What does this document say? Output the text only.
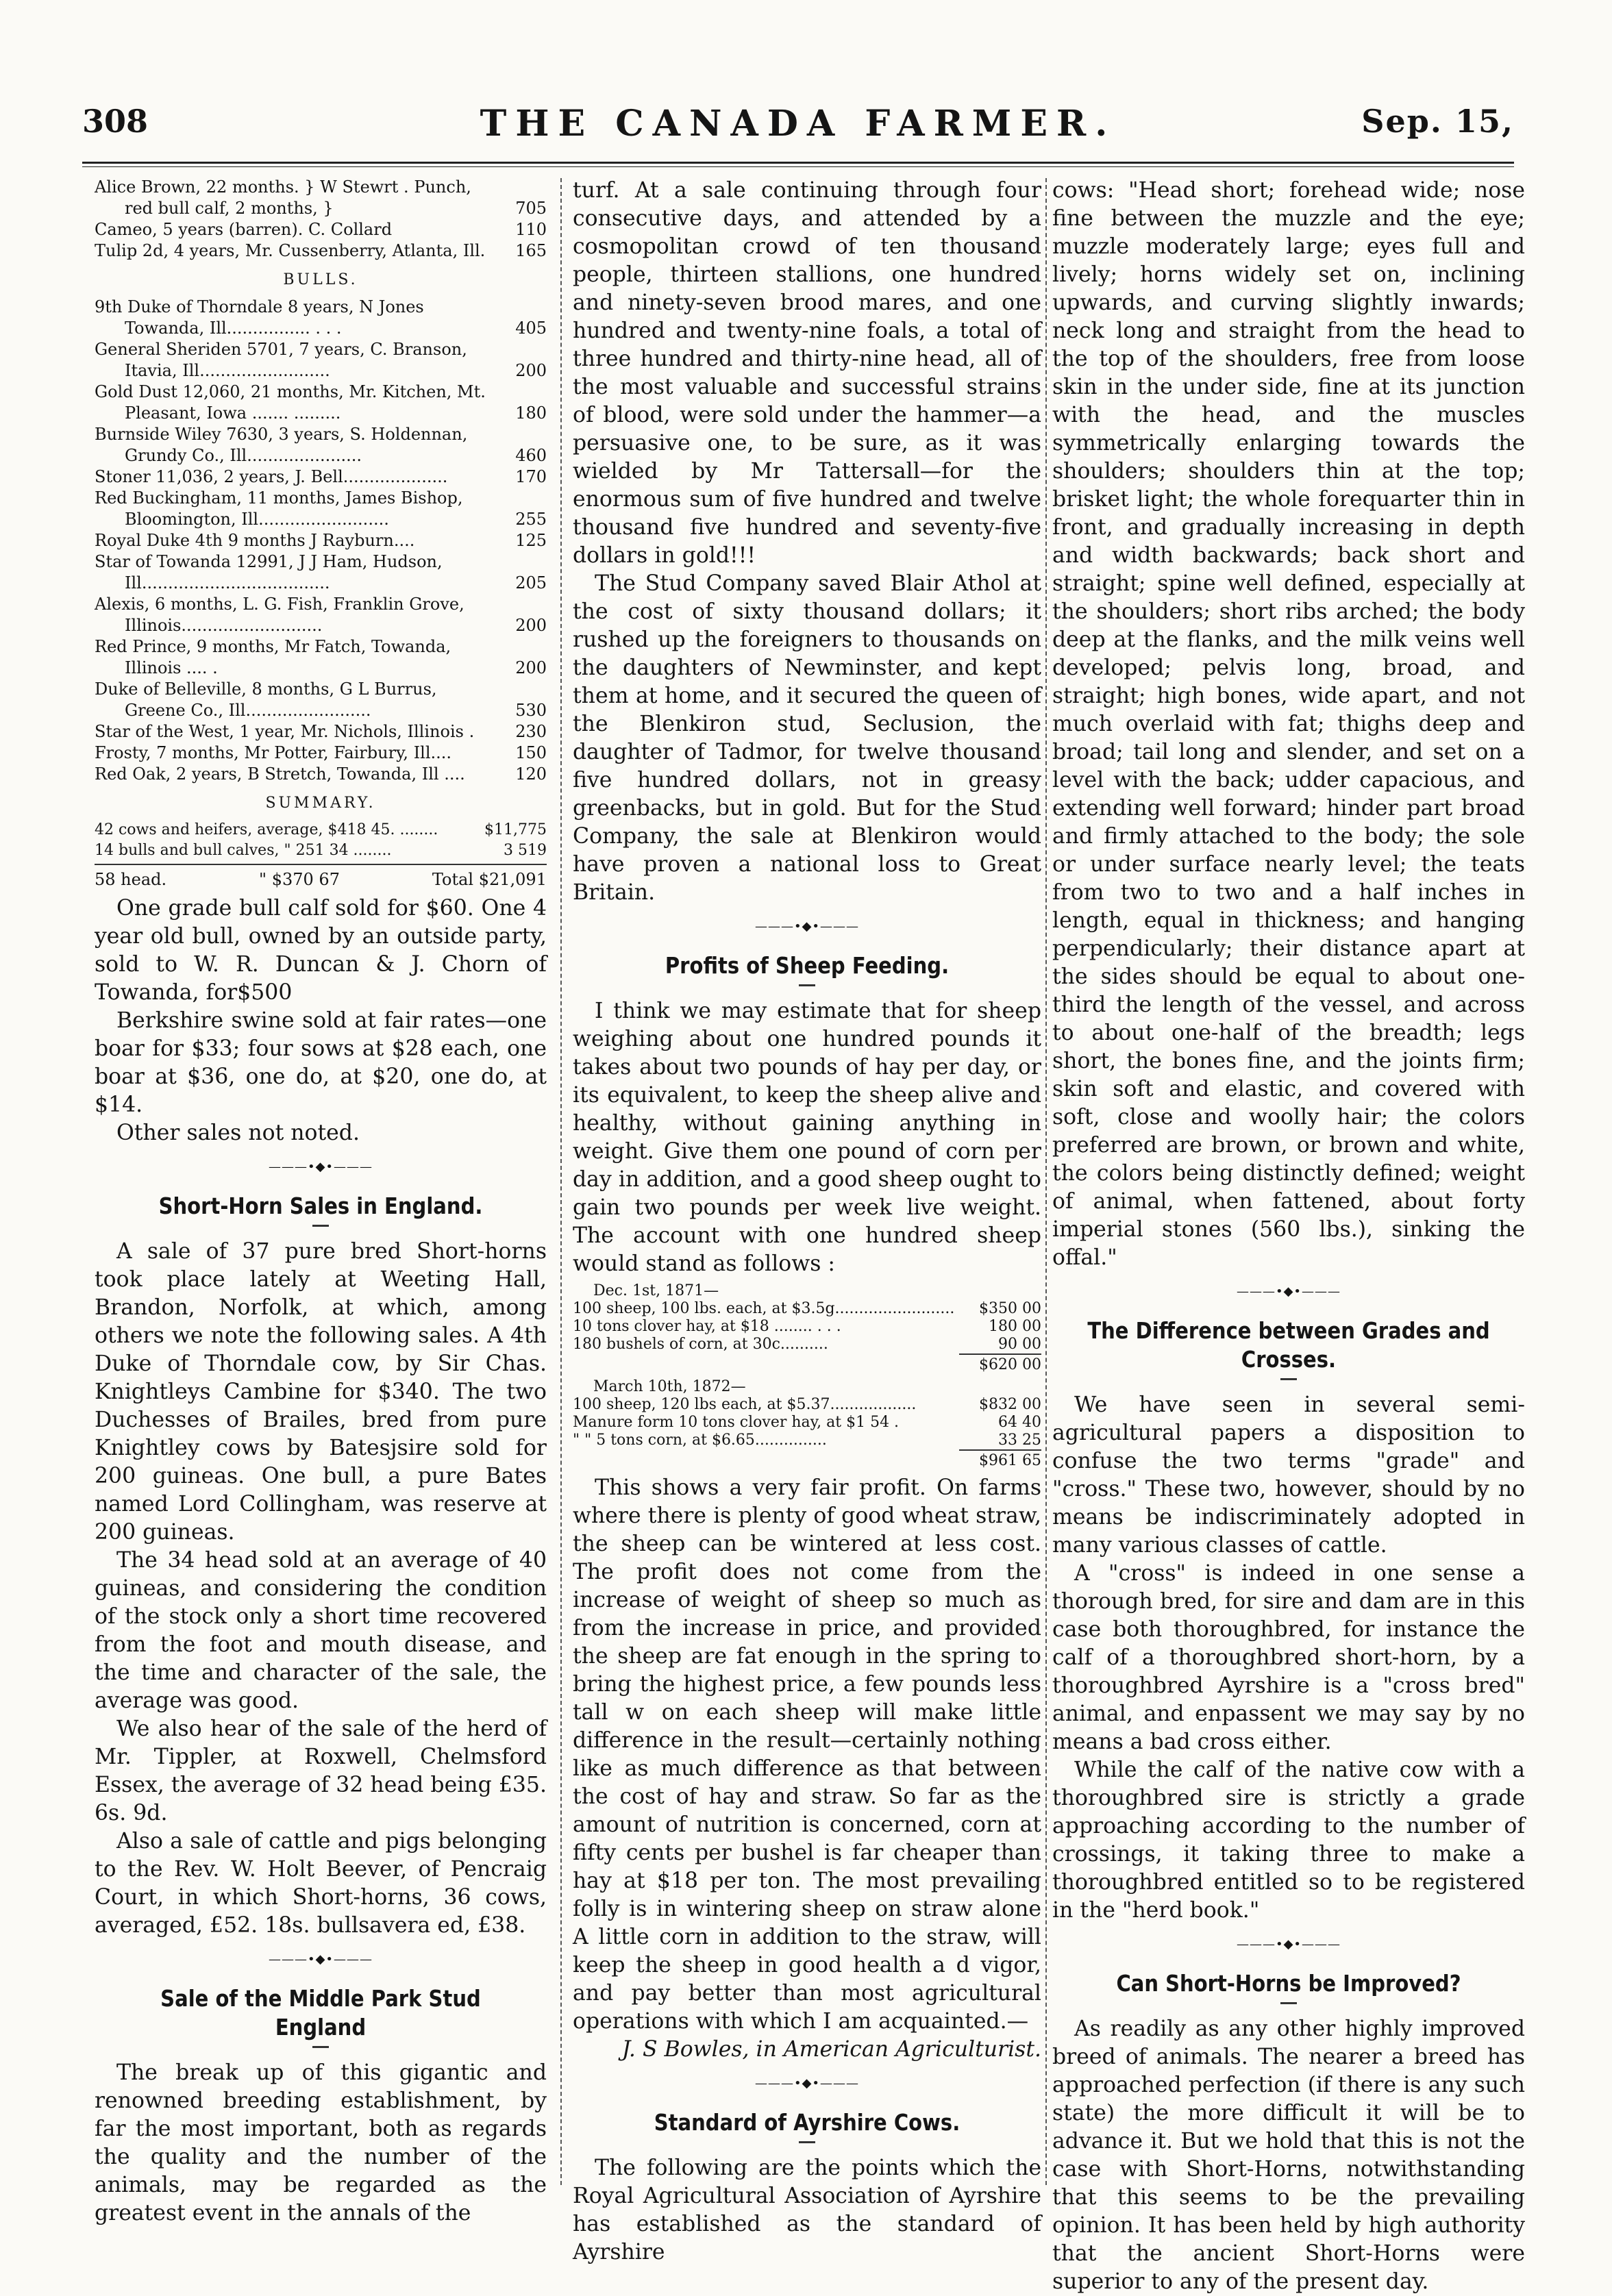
308	THE CANADA FARMER.	Sep. 15,
Alice Brown, 22 months. } W Stewrt . Punch, red bull calf, 2 months, }	705
Cameo, 5 years (barren). C. Collard	110
Tulip 2d, 4 years, Mr. Cussenberry, Atlanta, Ill.	165
BULLS.
9th Duke of Thorndale 8 years, N Jones Towanda, Ill................ . . .	405
General Sheriden 5701, 7 years, C. Branson, Itavia, Ill.........................	200
Gold Dust 12,060, 21 months, Mr. Kitchen, Mt. Pleasant, Iowa ....... .........	180
Burnside Wiley 7630, 3 years, S. Holdennan, Grundy Co., Ill......................	460
Stoner 11,036, 2 years, J. Bell....................	170
Red Buckingham, 11 months, James Bishop, Bloomington, Ill.........................	255
Royal Duke 4th 9 months J Rayburn....	125
Star of Towanda 12991, J J Ham, Hudson, Ill....................................	205
Alexis, 6 months, L. G. Fish, Franklin Grove, Illinois...........................	200
Red Prince, 9 months, Mr Fatch, Towanda, Illinois .... .	200
Duke of Belleville, 8 months, G L Burrus, Greene Co., Ill........................	530
Star of the West, 1 year, Mr. Nichols, Illinois .	230
Frosty, 7 months, Mr Potter, Fairbury, Ill....	150
Red Oak, 2 years, B Stretch, Towanda, Ill ....	120
SUMMARY.
42 cows and heifers, average, $418 45. ........	$11,775
14 bulls and bull calves, " 251 34 ........	3 519
58 head.	" $370 67	Total $21,091

One grade bull calf sold for $60. One 4 year old bull, owned by an outside party, sold to W. R. Duncan & J. Chorn of Towanda, for$500

Berkshire swine sold at fair rates—one boar for $33; four sows at $28 each, one boar at $36, one do, at $20, one do, at $14.

Other sales not noted.

———•◆•———
Short-Horn Sales in England.

A sale of 37 pure bred Short-horns took place lately at Weeting Hall, Brandon, Norfolk, at which, among others we note the following sales. A 4th Duke of Thorndale cow, by Sir Chas. Knightleys Cambine for $340. The two Duchesses of Brailes, bred from pure Knightley cows by Batesjsire sold for 200 guineas. One bull, a pure Bates named Lord Collingham, was reserve at 200 guineas.

The 34 head sold at an average of 40 guineas, and considering the condition of the stock only a short time recovered from the foot and mouth disease, and the time and character of the sale, the average was good.

We also hear of the sale of the herd of Mr. Tippler, at Roxwell, Chelmsford Essex, the average of 32 head being £35. 6s. 9d.

Also a sale of cattle and pigs belonging to the Rev. W. Holt Beever, of Pencraig Court, in which Short-horns, 36 cows, averaged, £52. 18s. bullsavera ed, £38.

———•◆•———
Sale of the Middle Park Stud England

The break up of this gigantic and renowned breeding establishment, by far the most important, both as regards the quality and the number of the animals, may be regarded as the greatest event in the annals of the

turf. At a sale continuing through four consecutive days, and attended by a cosmopolitan crowd of ten thousand people, thirteen stallions, one hundred and ninety-seven brood mares, and one hundred and twenty-nine foals, a total of three hundred and thirty-nine head, all of the most valuable and successful strains of blood, were sold under the hammer—a persuasive one, to be sure, as it was wielded by Mr Tattersall—for the enormous sum of five hundred and twelve thousand five hundred and seventy-five dollars in gold!!!

The Stud Company saved Blair Athol at the cost of sixty thousand dollars; it rushed up the foreigners to thousands on the daughters of Newminster, and kept them at home, and it secured the queen of the Blenkiron stud, Seclusion, the daughter of Tadmor, for twelve thousand five hundred dollars, not in greasy greenbacks, but in gold. But for the Stud Company, the sale at Blenkiron would have proven a national loss to Great Britain.

———•◆•———
Profits of Sheep Feeding.

I think we may estimate that for sheep weighing about one hundred pounds it takes about two pounds of hay per day, or its equivalent, to keep the sheep alive and healthy, without gaining anything in weight. Give them one pound of corn per day in addition, and a good sheep ought to gain two pounds per week live weight. The account with one hundred sheep would stand as follows :

Dec. 1st, 1871—
100 sheep, 100 lbs. each, at $3.5g.........................	$350 00
10 tons clover hay, at $18 ........ . . .	180 00
180 bushels of corn, at 30c..........	90 00
$620 00
March 10th, 1872—
100 sheep, 120 lbs each, at $5.37..................	$832 00
Manure form 10 tons clover hay, at $1 54 .	64 40
" " 5 tons corn, at $6.65...............	33 25
$961 65

This shows a very fair profit. On farms where there is plenty of good wheat straw, the sheep can be wintered at less cost. The profit does not come from the increase of weight of sheep so much as from the increase in price, and provided the sheep are fat enough in the spring to bring the highest price, a few pounds less tall w on each sheep will make little difference in the result—certainly nothing like as much difference as that between the cost of hay and straw. So far as the amount of nutrition is concerned, corn at fifty cents per bushel is far cheaper than hay at $18 per ton. The most prevailing folly is in wintering sheep on straw alone A little corn in addition to the straw, will keep the sheep in good health a d vigor, and pay better than most agricultural operations with which I am acquainted.—

J. S Bowles, in American Agriculturist.
———•◆•———
Standard of Ayrshire Cows.

The following are the points which the Royal Agricultural Association of Ayrshire has established as the standard of Ayrshire

cows: "Head short; forehead wide; nose fine between the muzzle and the eye; muzzle moderately large; eyes full and lively; horns widely set on, inclining upwards, and curving slightly inwards; neck long and straight from the head to the top of the shoulders, free from loose skin in the under side, fine at its junction with the head, and the muscles symmetrically enlarging towards the shoulders; shoulders thin at the top; brisket light; the whole forequarter thin in front, and gradually increasing in depth and width backwards; back short and straight; spine well defined, especially at the shoulders; short ribs arched; the body deep at the flanks, and the milk veins well developed; pelvis long, broad, and straight; high bones, wide apart, and not much overlaid with fat; thighs deep and broad; tail long and slender, and set on a level with the back; udder capacious, and extending well forward; hinder part broad and firmly attached to the body; the sole or under surface nearly level; the teats from two to two and a half inches in length, equal in thickness; and hanging perpendicularly; their distance apart at the sides should be equal to about one-third the length of the vessel, and across to about one-half of the breadth; legs short, the bones fine, and the joints firm; skin soft and elastic, and covered with soft, close and woolly hair; the colors preferred are brown, or brown and white, the colors being distinctly defined; weight of animal, when fattened, about forty imperial stones (560 lbs.), sinking the offal."

———•◆•———
The Difference between Grades and Crosses.

We have seen in several semi-agricultural papers a disposition to confuse the two terms "grade" and "cross." These two, however, should by no means be indiscriminately adopted in many various classes of cattle.

A "cross" is indeed in one sense a thorough bred, for sire and dam are in this case both thoroughbred, for instance the calf of a thoroughbred short-horn, by a thoroughbred Ayrshire is a "cross bred" animal, and enpassent we may say by no means a bad cross either.

While the calf of the native cow with a thoroughbred sire is strictly a grade approaching according to the number of crossings, it taking three to make a thoroughbred entitled so to be registered in the "herd book."

———•◆•———
Can Short-Horns be Improved?

As readily as any other highly improved breed of animals. The nearer a breed has approached perfection (if there is any such state) the more difficult it will be to advance it. But we hold that this is not the case with Short-Horns, notwithstanding that this seems to be the prevailing opinion. It has been held by high authority that the ancient Short-Horns were superior to any of the present day.
